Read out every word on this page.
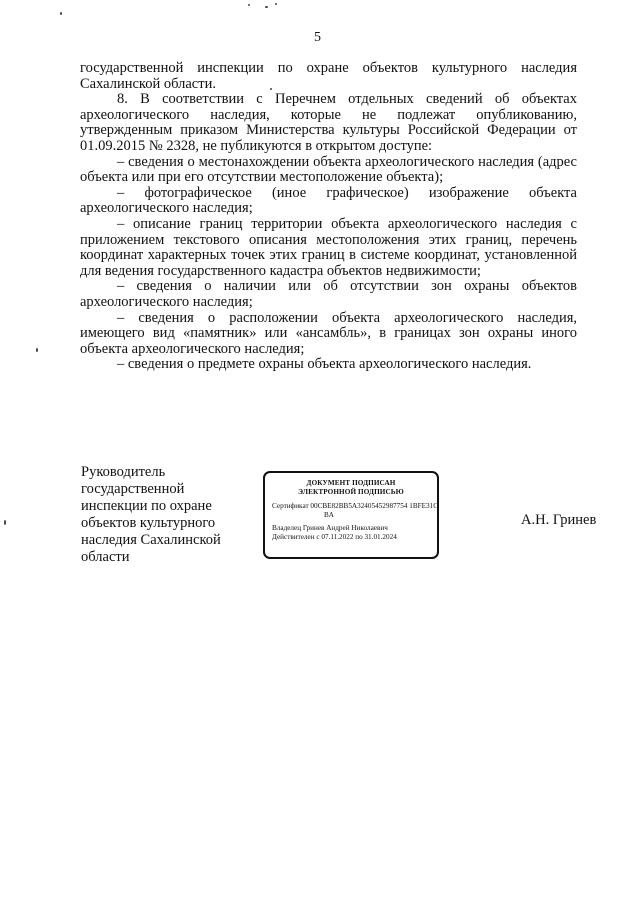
5

государственной инспекции по охране объектов культурного наследия Сахалинской области.

8. В соответствии с Перечнем отдельных сведений об объектах археологического наследия, которые не подлежат опубликованию, утвержденным приказом Министерства культуры Российской Федерации от 01.09.2015 № 2328, не публикуются в открытом доступе:

– сведения о местонахождении объекта археологического наследия (адрес объекта или при его отсутствии местоположение объекта);

– фотографическое (иное графическое) изображение объекта археологического наследия;

– описание границ территории объекта археологического наследия с приложением текстового описания местоположения этих границ, перечень координат характерных точек этих границ в системе координат, установленной для ведения государственного кадастра объектов недвижимости;

– сведения о наличии или об отсутствии зон охраны объектов археологического наследия;

– сведения о расположении объекта археологического наследия, имеющего вид «памятник» или «ансамбль», в границах зон охраны иного объекта археологического наследия;

– сведения о предмете охраны объекта археологического наследия.

Руководитель
государственной
инспекции по охране
объектов культурного
наследия Сахалинской
области
ДОКУМЕНТ ПОДПИСАН
ЭЛЕКТРОННОЙ ПОДПИСЬЮ
Сертификат 00CBE82BB5A32405452987754 1BFE31C
BA
Владелец Гринев Андрей Николаевич
Действителен с 07.11.2022 по 31.01.2024
А.Н. Гринев
